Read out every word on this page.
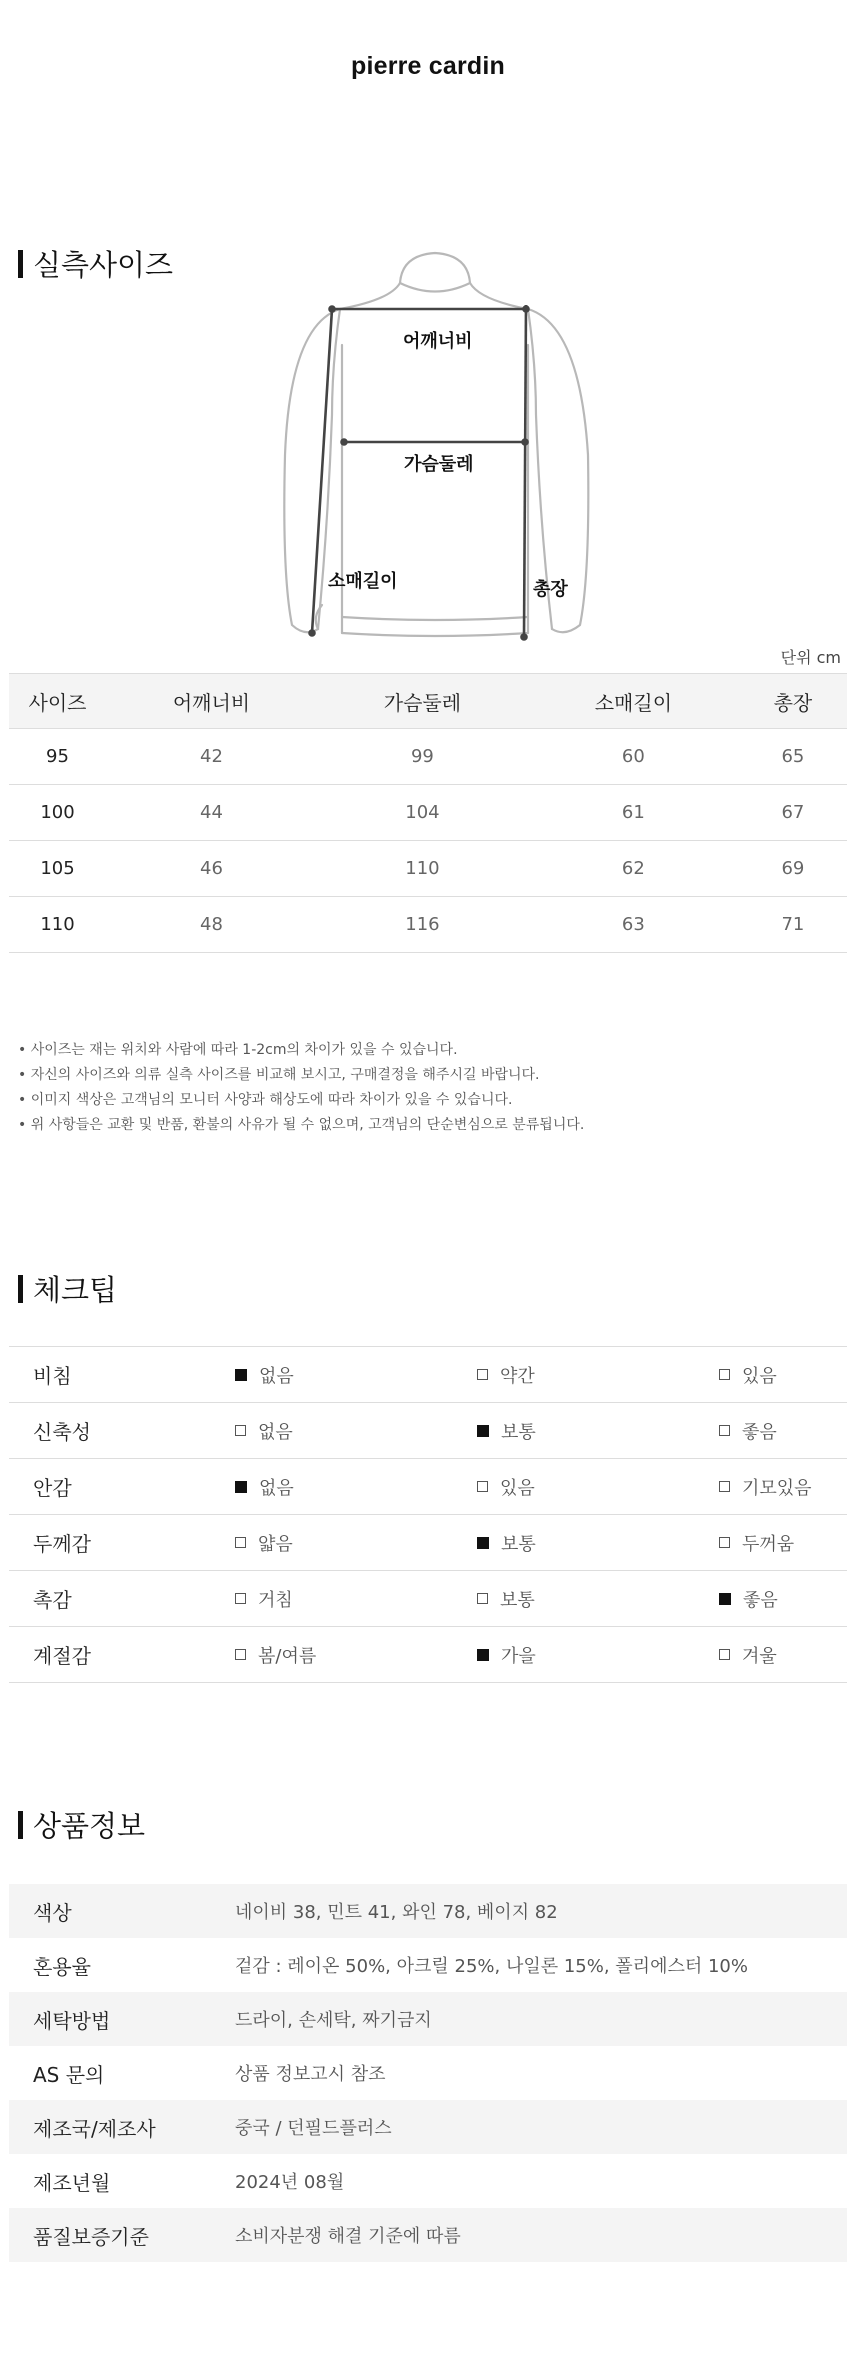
pierre cardin
실측사이즈
어깨너비
가슴둘레
소매길이	총장
단위 cm
사이즈	어깨너비	가슴둘레	소매길이	총장
95	42	99	60	65
100	44	104	61	67
105	46	110	62	69
110	48	116	63	71
• 사이즈는 재는 위치와 사람에 따라 1-2cm의 차이가 있을 수 있습니다.
• 자신의 사이즈와 의류 실측 사이즈를 비교해 보시고, 구매결정을 해주시길 바랍니다.
• 이미지 색상은 고객님의 모니터 사양과 해상도에 따라 차이가 있을 수 있습니다.
• 위 사항들은 교환 및 반품, 환불의 사유가 될 수 없으며, 고객님의 단순변심으로 분류됩니다.
체크팁
비침	없음	약간	있음
신축성	없음	보통	좋음
안감	없음	있음	기모있음
두께감	얇음	보통	두꺼움
촉감	거침	보통	좋음
계절감	봄/여름	가을	겨울
상품정보
색상	네이비 38, 민트 41, 와인 78, 베이지 82
혼용율	겉감 : 레이온 50%, 아크릴 25%, 나일론 15%, 폴리에스터 10%
세탁방법	드라이, 손세탁, 짜기금지
AS 문의	상품 정보고시 참조
제조국/제조사	중국 / 던필드플러스
제조년월	2024년 08월
품질보증기준	소비자분쟁 해결 기준에 따름
